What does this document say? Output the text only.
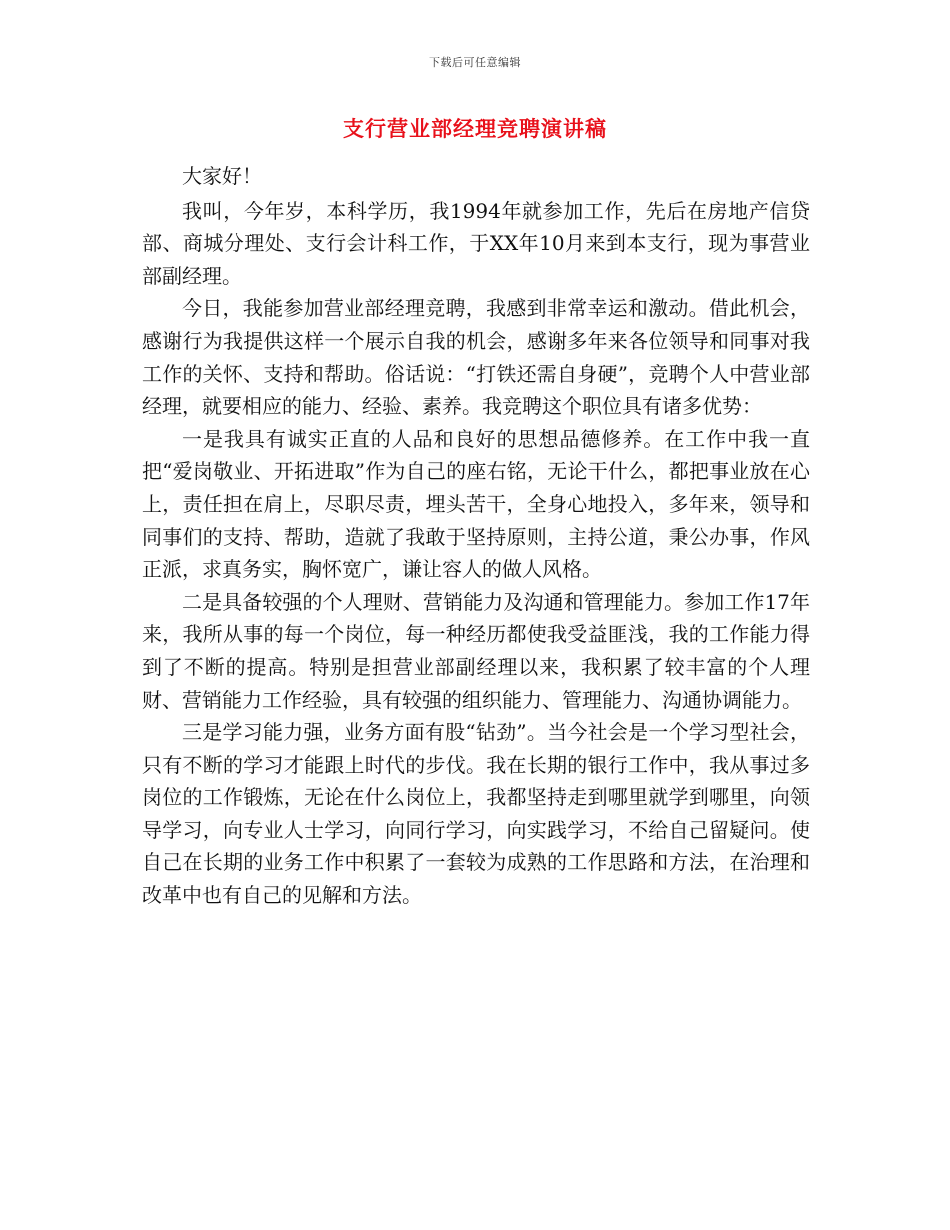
下载后可任意编辑
支行营业部经理竞聘演讲稿

大家好！

我叫，今年岁，本科学历，我1994年就参加工作，先后在房地产信贷部、商城分理处、支行会计科工作，于XX年10月来到本支行，现为事营业部副经理。

今日，我能参加营业部经理竞聘，我感到非常幸运和激动。借此机会，感谢行为我提供这样一个展示自我的机会，感谢多年来各位领导和同事对我工作的关怀、支持和帮助。俗话说：“打铁还需自身硬”，竞聘个人中营业部经理，就要相应的能力、经验、素养。我竞聘这个职位具有诸多优势：

一是我具有诚实正直的人品和良好的思想品德修养。在工作中我一直把“爱岗敬业、开拓进取”作为自己的座右铭，无论干什么，都把事业放在心上，责任担在肩上，尽职尽责，埋头苦干，全身心地投入，多年来，领导和同事们的支持、帮助，造就了我敢于坚持原则，主持公道，秉公办事，作风正派，求真务实，胸怀宽广，谦让容人的做人风格。

二是具备较强的个人理财、营销能力及沟通和管理能力。参加工作17年来，我所从事的每一个岗位，每一种经历都使我受益匪浅，我的工作能力得到了不断的提高。特别是担营业部副经理以来，我积累了较丰富的个人理财、营销能力工作经验，具有较强的组织能力、管理能力、沟通协调能力。

三是学习能力强，业务方面有股“钻劲”。当今社会是一个学习型社会，只有不断的学习才能跟上时代的步伐。我在长期的银行工作中，我从事过多岗位的工作锻炼，无论在什么岗位上，我都坚持走到哪里就学到哪里，向领导学习，向专业人士学习，向同行学习，向实践学习，不给自己留疑问。使自己在长期的业务工作中积累了一套较为成熟的工作思路和方法，在治理和改革中也有自己的见解和方法。
